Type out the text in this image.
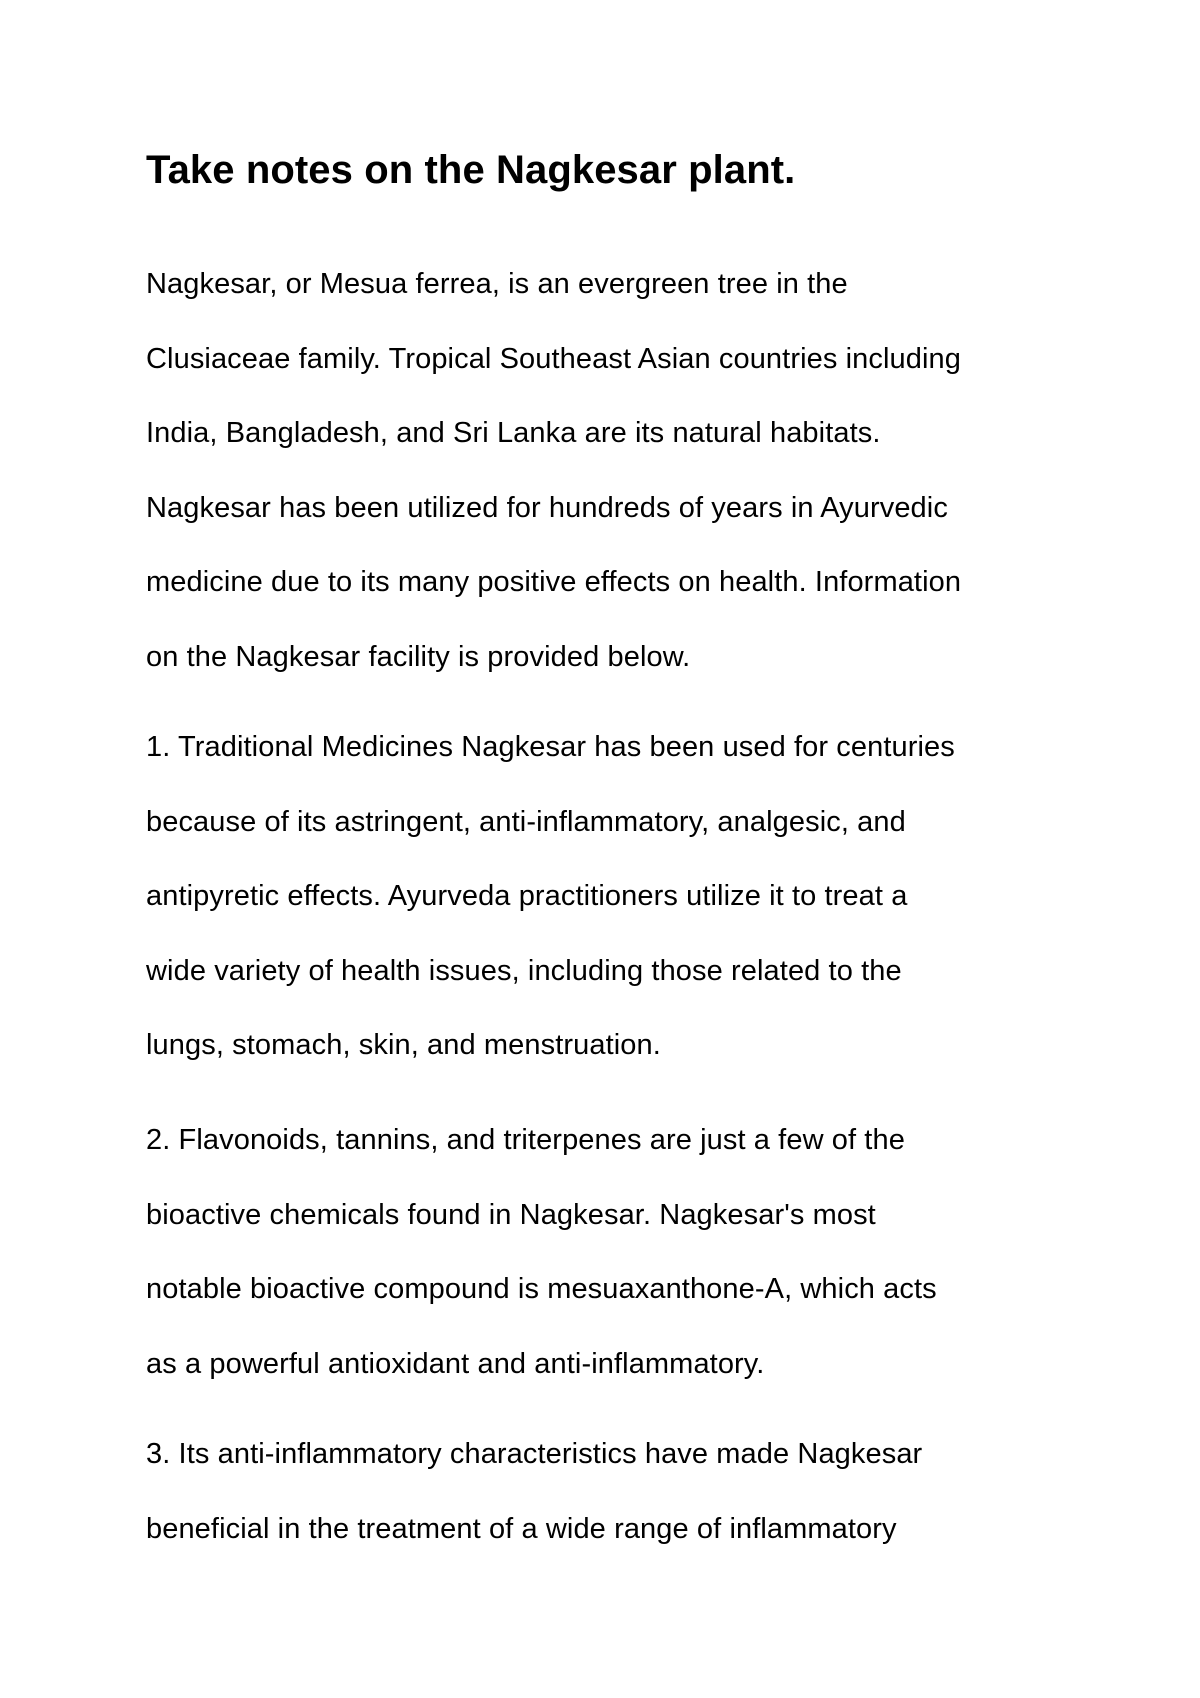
Take notes on the Nagkesar plant.
Nagkesar, or Mesua ferrea, is an evergreen tree in the
Clusiaceae family. Tropical Southeast Asian countries including
India, Bangladesh, and Sri Lanka are its natural habitats.
Nagkesar has been utilized for hundreds of years in Ayurvedic
medicine due to its many positive effects on health. Information
on the Nagkesar facility is provided below.
1. Traditional Medicines Nagkesar has been used for centuries
because of its astringent, anti-inflammatory, analgesic, and
antipyretic effects. Ayurveda practitioners utilize it to treat a
wide variety of health issues, including those related to the
lungs, stomach, skin, and menstruation.
2. Flavonoids, tannins, and triterpenes are just a few of the
bioactive chemicals found in Nagkesar. Nagkesar's most
notable bioactive compound is mesuaxanthone-A, which acts
as a powerful antioxidant and anti-inflammatory.
3. Its anti-inflammatory characteristics have made Nagkesar
beneficial in the treatment of a wide range of inflammatory
